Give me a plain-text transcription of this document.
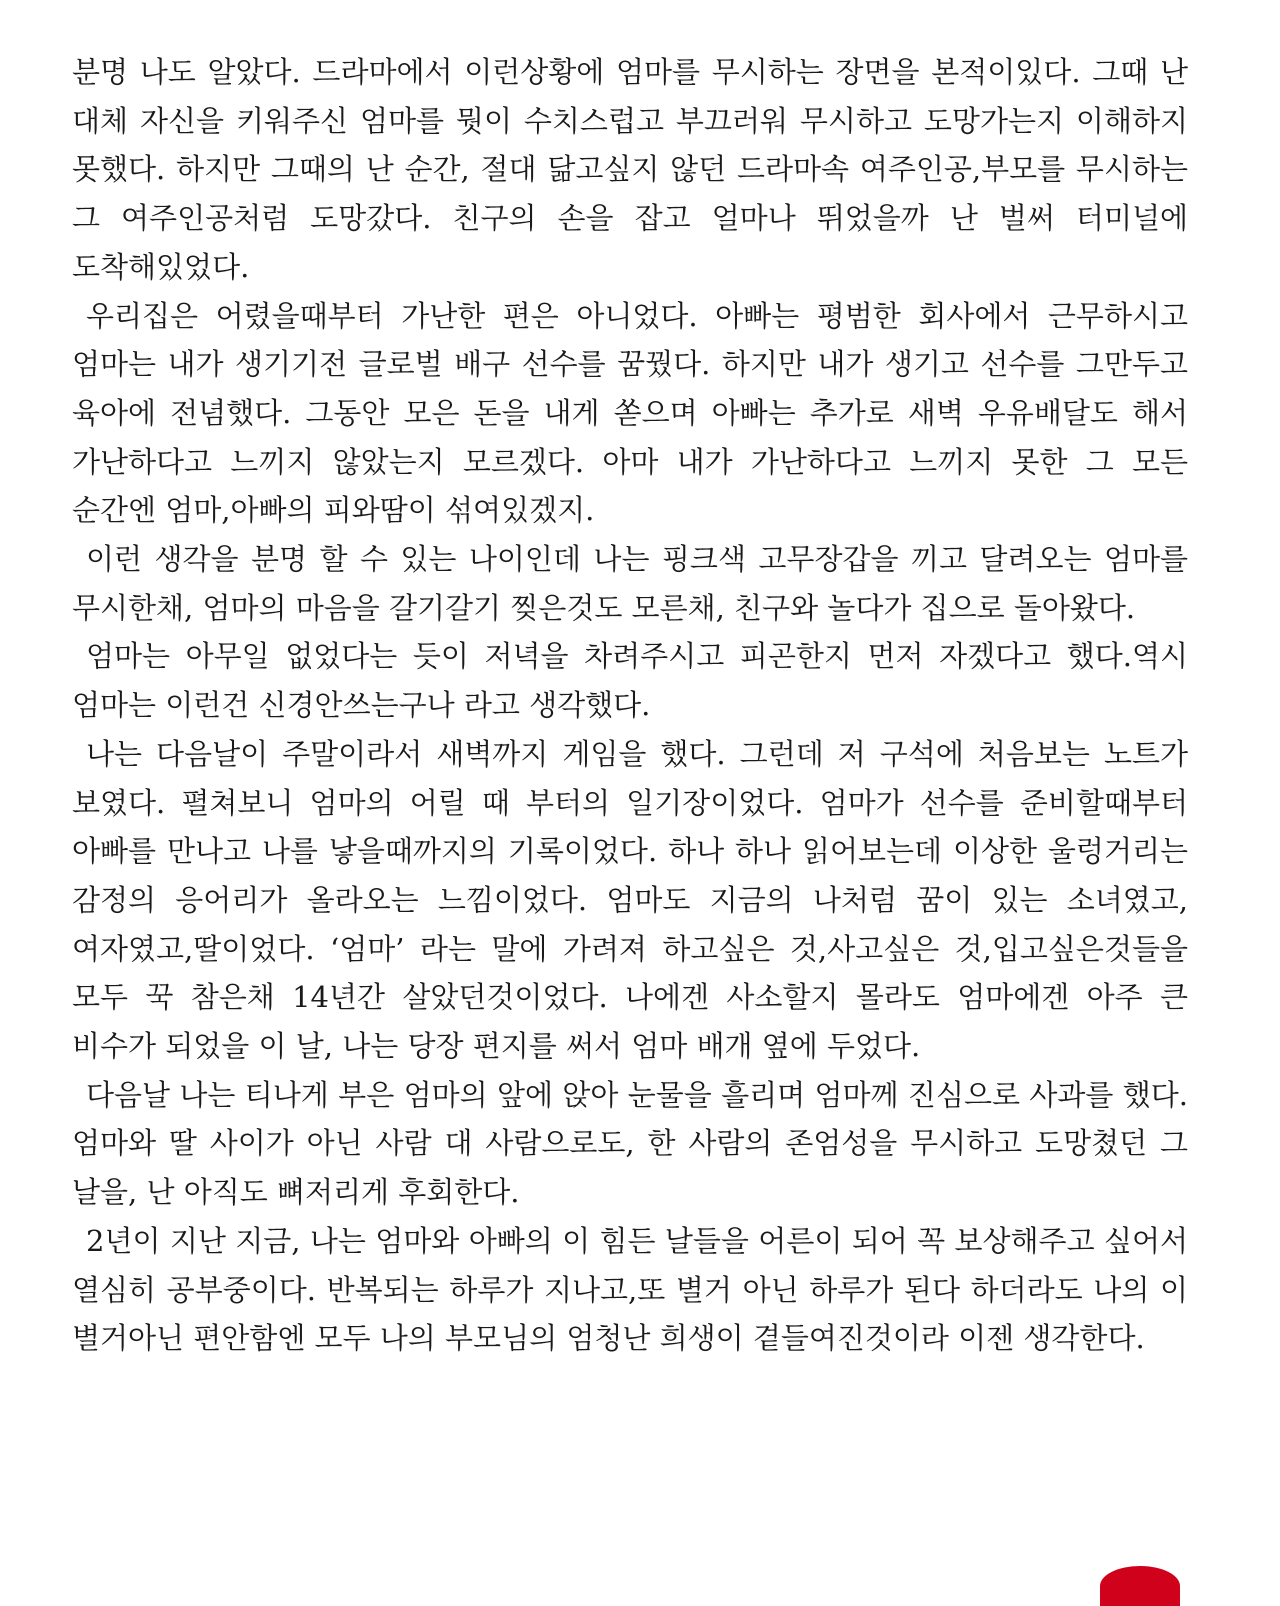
분명 나도 알았다. 드라마에서 이런상황에 엄마를 무시하는 장면을 본적이있다. 그때 난 대체 자신을 키워주신 엄마를 뭣이 수치스럽고 부끄러워 무시하고 도망가는지 이해하지 못했다. 하지만 그때의 난 순간, 절대 닮고싶지 않던 드라마속 여주인공,부모를 무시하는 그 여주인공처럼 도망갔다. 친구의 손을 잡고 얼마나 뛰었을까 난 벌써 터미널에 도착해있었다.

우리집은 어렸을때부터 가난한 편은 아니었다. 아빠는 평범한 회사에서 근무하시고 엄마는 내가 생기기전 글로벌 배구 선수를 꿈꿨다. 하지만 내가 생기고 선수를 그만두고 육아에 전념했다. 그동안 모은 돈을 내게 쏟으며 아빠는 추가로 새벽 우유배달도 해서 가난하다고 느끼지 않았는지 모르겠다. 아마 내가 가난하다고 느끼지 못한 그 모든 순간엔 엄마,아빠의 피와땀이 섞여있겠지.

이런 생각을 분명 할 수 있는 나이인데 나는 핑크색 고무장갑을 끼고 달려오는 엄마를 무시한채, 엄마의 마음을 갈기갈기 찢은것도 모른채, 친구와 놀다가 집으로 돌아왔다.

엄마는 아무일 없었다는 듯이 저녁을 차려주시고 피곤한지 먼저 자겠다고 했다.역시 엄마는 이런건 신경안쓰는구나 라고 생각했다.

나는 다음날이 주말이라서 새벽까지 게임을 했다. 그런데 저 구석에 처음보는 노트가 보였다. 펼쳐보니 엄마의 어릴 때 부터의 일기장이었다. 엄마가 선수를 준비할때부터 아빠를 만나고 나를 낳을때까지의 기록이었다. 하나 하나 읽어보는데 이상한 울렁거리는 감정의 응어리가 올라오는 느낌이었다. 엄마도 지금의 나처럼 꿈이 있는 소녀였고,여자였고,딸이었다. ‘엄마’ 라는 말에 가려져 하고싶은 것,사고싶은 것,입고싶은것들을 모두 꾹 참은채 14년간 살았던것이었다. 나에겐 사소할지 몰라도 엄마에겐 아주 큰 비수가 되었을 이 날, 나는 당장 편지를 써서 엄마 배개 옆에 두었다.

다음날 나는 티나게 부은 엄마의 앞에 앉아 눈물을 흘리며 엄마께 진심으로 사과를 했다. 엄마와 딸 사이가 아닌 사람 대 사람으로도, 한 사람의 존엄성을 무시하고 도망쳤던 그 날을, 난 아직도 뼈저리게 후회한다.

2년이 지난 지금, 나는 엄마와 아빠의 이 힘든 날들을 어른이 되어 꼭 보상해주고 싶어서 열심히 공부중이다. 반복되는 하루가 지나고,또 별거 아닌 하루가 된다 하더라도 나의 이 별거아닌 편안함엔 모두 나의 부모님의 엄청난 희생이 곁들여진것이라 이젠 생각한다.
